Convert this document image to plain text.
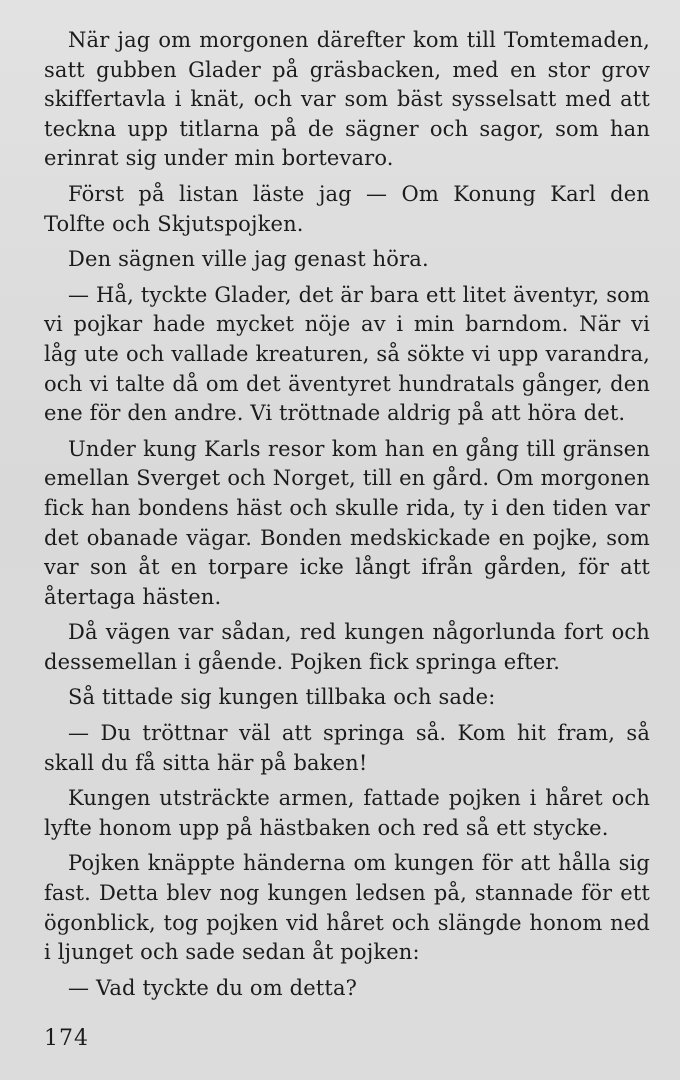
När jag om morgonen därefter kom till Tomtemaden, satt gubben Glader på gräsbacken, med en stor grov skiffertavla i knät, och var som bäst sysselsatt med att teckna upp titlarna på de sägner och sagor, som han erinrat sig under min bortevaro.

Först på listan läste jag — Om Konung Karl den Tolfte och Skjutspojken.

Den sägnen ville jag genast höra.

— Hå, tyckte Glader, det är bara ett litet äventyr, som vi pojkar hade mycket nöje av i min barndom. När vi låg ute och vallade kreaturen, så sökte vi upp varandra, och vi talte då om det äventyret hundratals gånger, den ene för den andre. Vi tröttnade aldrig på att höra det.

Under kung Karls resor kom han en gång till gränsen emellan Sverget och Norget, till en gård. Om morgonen fick han bondens häst och skulle rida, ty i den tiden var det obanade vägar. Bonden medskickade en pojke, som var son åt en torpare icke långt ifrån gården, för att återtaga hästen.

Då vägen var sådan, red kungen någorlunda fort och dessemellan i gående. Pojken fick springa efter.

Så tittade sig kungen tillbaka och sade:

— Du tröttnar väl att springa så. Kom hit fram, så skall du få sitta här på baken!

Kungen utsträckte armen, fattade pojken i håret och lyfte honom upp på hästbaken och red så ett stycke.

Pojken knäppte händerna om kungen för att hålla sig fast. Detta blev nog kungen ledsen på, stannade för ett ögonblick, tog pojken vid håret och slängde honom ned i ljunget och sade sedan åt pojken:

— Vad tyckte du om detta?

174
